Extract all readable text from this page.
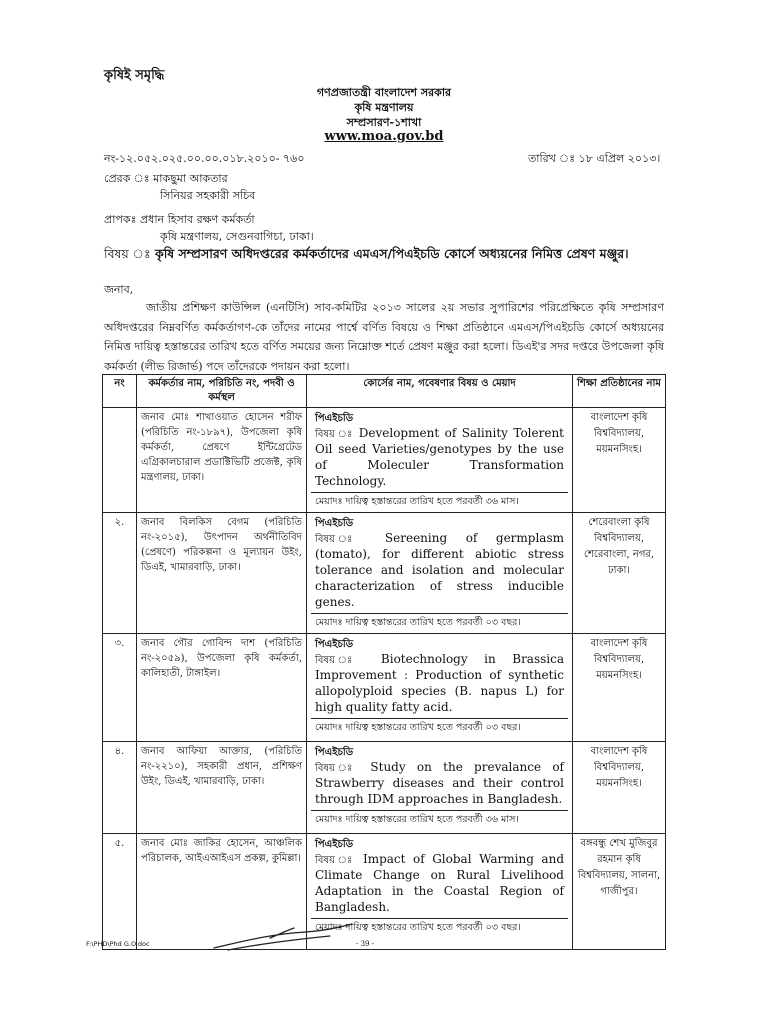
কৃষিই সমৃদ্ধি
গণপ্রজাতন্ত্রী বাংলাদেশ সরকার
কৃষি মন্ত্রণালয়
সম্প্রসারণ-১শাখা
www.moa.gov.bd
নং-১২.০৫২.০২৫.০০.০০.০১৮.২০১০- ৭৬০	তারিখ ঃ ১৮ এপ্রিল ২০১৩।
প্রেরক ঃ মাকছুমা আকতার
সিনিয়র সহকারী সচিব
প্রাপকঃ প্রধান হিসাব রক্ষণ কর্মকর্তা
কৃষি মন্ত্রণালয়, সেগুনবাগিচা, ঢাকা।
বিষয় ঃ কৃষি সম্প্রসারণ অধিদপ্তরের কর্মকর্তাদের এমএস/পিএইচডি কোর্সে অধ্যয়নের নিমিত্ত প্রেষণ মঞ্জুর।
জনাব,
জাতীয় প্রশিক্ষণ কাউন্সিল (এনটিসি) সাব-কমিটির ২০১৩ সালের ২য় সভার সুপারিশের পরিপ্রেক্ষিতে কৃষি সম্প্রসারণ অধিদপ্তরের নিম্নবর্ণিত কর্মকর্তাগণ-কে তাঁদের নামের পার্শ্বে বর্ণিত বিষয়ে ও শিক্ষা প্রতিষ্ঠানে এমএস/পিএইচডি কোর্সে অধ্যয়নের নিমিত্ত দায়িত্ব হস্তান্তরের তারিখ হতে বর্ণিত সময়ের জন্য নিম্নোক্ত শর্তে প্রেষণ মঞ্জুর করা হলো। ডিএই'র সদর দপ্তরে উপজেলা কৃষি কর্মকর্তা (লীভ রিজার্ভ) পদে তাঁদেরকে পদায়ন করা হলো।
নং	কর্মকর্তার নাম, পরিচিতি নং, পদবী ও কর্মস্থল	কোর্সের নাম, গবেষণার বিষয় ও মেয়াদ	শিক্ষা প্রতিষ্ঠানের নাম
	জনাব মোঃ শাখাওয়াত হোসেন শরীফ (পরিচিতি নং-১৮৯৭), উপজেলা কৃষি কর্মকর্তা, প্রেষণে ইন্টিগ্রেটেড এগ্রিকালচারাল প্রডাক্টিভিটি প্রজেক্ট, কৃষি মন্ত্রণালয়, ঢাকা।	পিএইচডি
বিষয় ঃ Development of Salinity Tolerent Oil seed Varieties/genotypes by the use of Moleculer Transformation Technology.
মেয়াদঃ দায়িত্ব হস্তান্তরের তারিখ হতে পরবর্তী ৩৬ মাস।	বাংলাদেশ কৃষি বিশ্ববিদ্যালয়, ময়মনসিংহ।
২.	জনাব বিলকিস বেগম (পরিচিতি নং-২০১৫), উৎপাদন অর্থনীতিবিদ (প্রেষণে) পরিকল্পনা ও মূল্যায়ন উইং, ডিএই, খামারবাড়ি, ঢাকা।	পিএইচডি
বিষয় ঃ Sereening of germplasm (tomato), for different abiotic stress tolerance and isolation and molecular characterization of stress inducible genes.
মেয়াদঃ দায়িত্ব হস্তান্তরের তারিখ হতে পরবর্তী ০৩ বছর।	শেরেবাংলা কৃষি বিশ্ববিদ্যালয়, শেরেবাংলা, নগর, ঢাকা।
৩.	জনাব গৌর গোবিন্দ দাশ (পরিচিতি নং-২০৫৯), উপজেলা কৃষি কর্মকর্তা, কালিহাতী, টাঙ্গাইল।	পিএইচডি
বিষয় ঃ Biotechnology in Brassica Improvement : Production of synthetic allopolyploid species (B. napus L) for high quality fatty acid.
মেয়াদঃ দায়িত্ব হস্তান্তরের তারিখ হতে পরবর্তী ০৩ বছর।	বাংলাদেশ কৃষি বিশ্ববিদ্যালয়, ময়মনসিংহ।
৪.	জনাব আফিয়া আক্তার, (পরিচিতি নং-২২১০), সহকারী প্রধান, প্রশিক্ষণ উইং, ডিএই, খামারবাড়ি, ঢাকা।	পিএইচডি
বিষয় ঃ Study on the prevalance of Strawberry diseases and their control through IDM approaches in Bangladesh.
মেয়াদঃ দায়িত্ব হস্তান্তরের তারিখ হতে পরবর্তী ৩৬ মাস।	বাংলাদেশ কৃষি বিশ্ববিদ্যালয়, ময়মনসিংহ।
৫.	জনাব মোঃ জাকির হোসেন, আঞ্চলিক পরিচালক, আইএআইএস প্রকল্প, কুমিল্লা।	পিএইচডি
বিষয় ঃ Impact of Global Warming and Climate Change on Rural Livelihood Adaptation in the Coastal Region of Bangladesh.
মেয়াদঃ দায়িত্ব হস্তান্তরের তারিখ হতে পরবর্তী ০৩ বছর।	বঙ্গবন্ধু শেখ মুজিবুর রহমান কৃষি বিশ্ববিদ্যালয়, সালনা, গাজীপুর।
F:\PHD\Phd G.O.doc	- 39 -
